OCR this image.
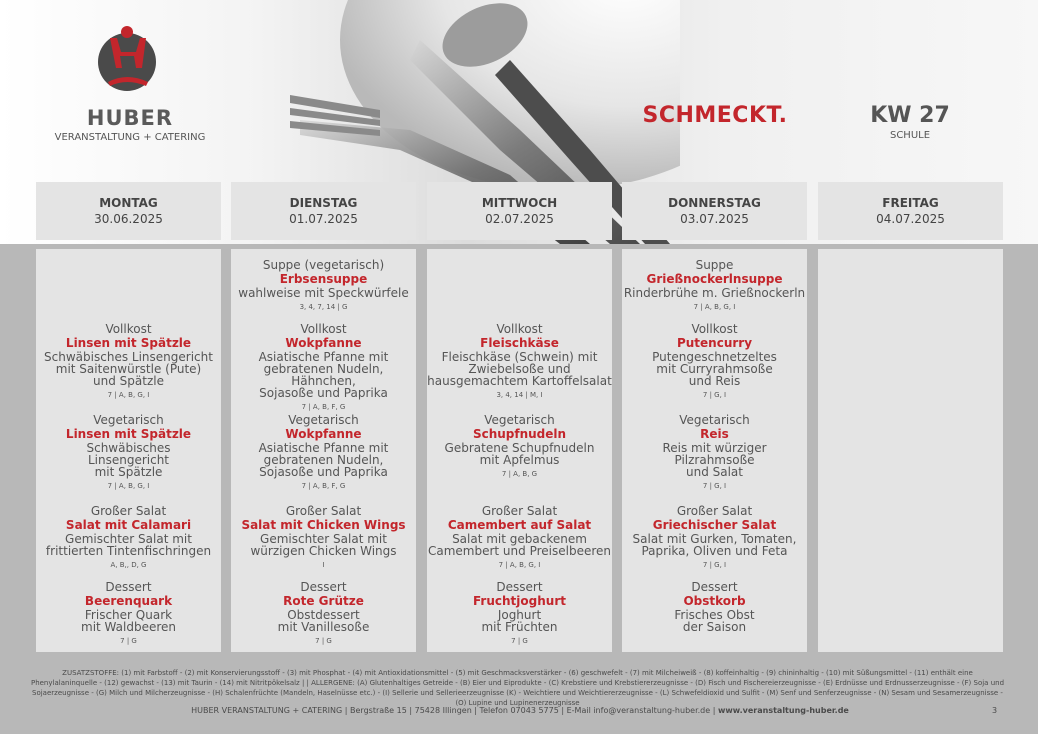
HUBER
VERANSTALTUNG + CATERING
SCHMECKT.	KW 27
SCHULE
MONTAG
30.06.2025
Vollkost
Linsen mit Spätzle
Schwäbisches Linsengericht
mit Saitenwürstle (Pute)
und Spätzle
7 | A, B, G, I
Vegetarisch
Linsen mit Spätzle
Schwäbisches
Linsengericht
mit Spätzle
7 | A, B, G, I
Großer Salat
Salat mit Calamari
Gemischter Salat mit
frittierten Tintenfischringen
A, B,, D, G
Dessert
Beerenquark
Frischer Quark
mit Waldbeeren
7 | G
DIENSTAG
01.07.2025
Suppe (vegetarisch)
Erbsensuppe
wahlweise mit Speckwürfele
3, 4, 7, 14 | G
Vollkost
Wokpfanne
Asiatische Pfanne mit
gebratenen Nudeln, Hähnchen,
Sojasoße und Paprika
7 | A, B, F, G
Vegetarisch
Wokpfanne
Asiatische Pfanne mit
gebratenen Nudeln,
Sojasoße und Paprika
7 | A, B, F, G
Großer Salat
Salat mit Chicken Wings
Gemischter Salat mit
würzigen Chicken Wings
I
Dessert
Rote Grütze
Obstdessert
mit Vanillesoße
7 | G
MITTWOCH
02.07.2025
Vollkost
Fleischkäse
Fleischkäse (Schwein) mit
Zwiebelsoße und
hausgemachtem Kartoffelsalat
3, 4, 14 | M, I
Vegetarisch
Schupfnudeln
Gebratene Schupfnudeln
mit Apfelmus
7 | A, B, G
Großer Salat
Camembert auf Salat
Salat mit gebackenem
Camembert und Preiselbeeren
7 | A, B, G, I
Dessert
Fruchtjoghurt
Joghurt
mit Früchten
7 | G
DONNERSTAG
03.07.2025
Suppe
Grießnockerlnsuppe
Rinderbrühe m. Grießnockerln
7 | A, B, G, I
Vollkost
Putencurry
Putengeschnetzeltes
mit Curryrahmsoße
und Reis
7 | G, I
Vegetarisch
Reis
Reis mit würziger
Pilzrahmsoße
und Salat
7 | G, I
Großer Salat
Griechischer Salat
Salat mit Gurken, Tomaten,
Paprika, Oliven und Feta
7 | G, I
Dessert
Obstkorb
Frisches Obst
der Saison
FREITAG
04.07.2025
ZUSATZSTOFFE: (1) mit Farbstoff - (2) mit Konservierungsstoff - (3) mit Phosphat - (4) mit Antioxidationsmittel - (5) mit Geschmacksverstärker - (6) geschwefelt - (7) mit Milcheiweiß - (8) koffeinhaltig - (9) chininhaltig - (10) mit Süßungsmittel - (11) enthält eine Phenylalaninquelle - (12) gewachst - (13) mit Taurin - (14) mit Nitritpökelsalz | | ALLERGENE: (A) Glutenhaltiges Getreide - (B) Eier und Eiprodukte - (C) Krebstiere und Krebstiererzeugnisse - (D) Fisch und Fischereierzeugnisse - (E) Erdnüsse und Erdnusserzeugnisse - (F) Soja und Sojaerzeugnisse - (G) Milch und Milcherzeugnisse - (H) Schalenfrüchte (Mandeln, Haselnüsse etc.) - (I) Sellerie und Sellerieerzeugnisse (K) - Weichtiere und Weichtiererzeugnisse - (L) Schwefeldioxid und Sulfit - (M) Senf und Senferzeugnisse - (N) Sesam und Sesamerzeugnisse - (O) Lupine und Lupinenerzeugnisse
HUBER VERANSTALTUNG + CATERING | Bergstraße 15 | 75428 Illingen | Telefon 07043 5775 | E-Mail info@veranstaltung-huber.de | www.veranstaltung-huber.de	3
